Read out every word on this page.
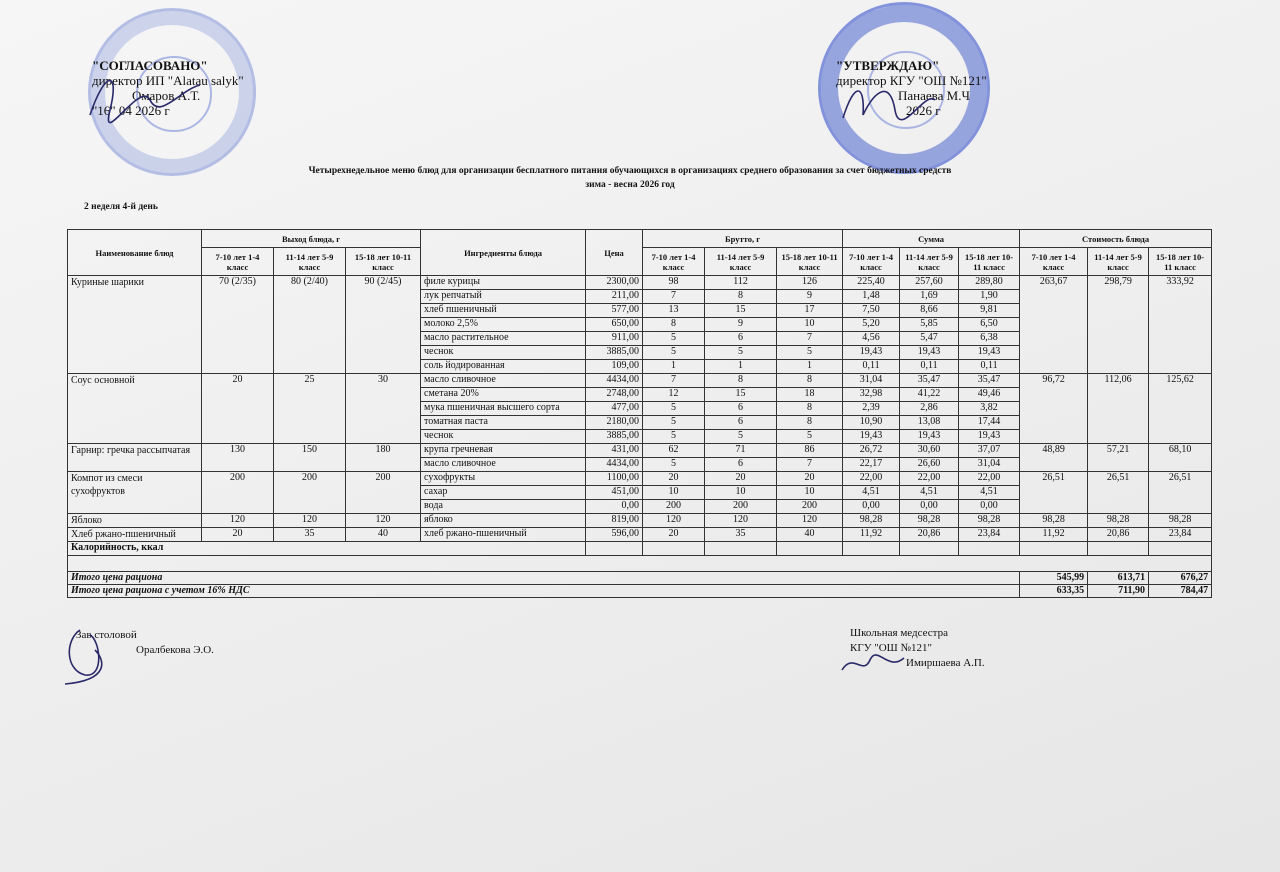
"СОГЛАСОВАНО"
директор ИП "Alatau salyk"
Омаров А.Т.
"16" 04 2026 г
"УТВЕРЖДАЮ"
директор КГУ "ОШ №121"
Панаева М.Ч
2026 г
Четырехнедельное меню блюд для организации бесплатного питания обучающихся в организациях среднего образования за счет бюджетных средств
зима - весна 2026 год
2 неделя 4-й день
Наименование блюд	Выход блюда, г			Ингредиенты блюда	Цена	Брутто, г			Сумма			Стоимость блюда		
	7-10 лет 1-4 класс	11-14 лет 5-9 класс	15-18 лет 10-11 класс			7-10 лет 1-4 класс	11-14 лет 5-9 класс	15-18 лет 10-11 класс	7-10 лет 1-4 класс	11-14 лет 5-9 класс	15-18 лет 10-11 класс	7-10 лет 1-4 класс	11-14 лет 5-9 класс	15-18 лет 10-11 класс
Куриные шарики	70 (2/35)	80 (2/40)	90 (2/45)	филе курицы	2300,00	98	112	126	225,40	257,60	289,80	263,67	298,79	333,92
				лук репчатый	211,00	7	8	9	1,48	1,69	1,90			
				хлеб пшеничный	577,00	13	15	17	7,50	8,66	9,81			
				молоко 2,5%	650,00	8	9	10	5,20	5,85	6,50			
				масло растительное	911,00	5	6	7	4,56	5,47	6,38			
				чеснок	3885,00	5	5	5	19,43	19,43	19,43			
				соль йодированная	109,00	1	1	1	0,11	0,11	0,11			
Соус основной	20	25	30	масло сливочное	4434,00	7	8	8	31,04	35,47	35,47	96,72	112,06	125,62
				сметана 20%	2748,00	12	15	18	32,98	41,22	49,46			
				мука пшеничная высшего сорта	477,00	5	6	8	2,39	2,86	3,82			
				томатная паста	2180,00	5	6	8	10,90	13,08	17,44			
				чеснок	3885,00	5	5	5	19,43	19,43	19,43			
Гарнир: гречка рассыпчатая	130	150	180	крупа гречневая	431,00	62	71	86	26,72	30,60	37,07	48,89	57,21	68,10
				масло сливочное	4434,00	5	6	7	22,17	26,60	31,04			
Компот из смеси сухофруктов	200	200	200	сухофрукты	1100,00	20	20	20	22,00	22,00	22,00	26,51	26,51	26,51
				сахар	451,00	10	10	10	4,51	4,51	4,51			
				вода	0,00	200	200	200	0,00	0,00	0,00			
Яблоко	120	120	120	яблоко	819,00	120	120	120	98,28	98,28	98,28	98,28	98,28	98,28
Хлеб ржано-пшеничный	20	35	40	хлеб ржано-пшеничный	596,00	20	35	40	11,92	20,86	23,84	11,92	20,86	23,84
Калорийность, ккал														

Итого цена рациона												545,99	613,71	676,27
Итого цена рациона с учетом 16% НДС												633,35	711,90	784,47
Зав.столовой
Оралбекова Э.О.
Школьная медсестра
КГУ "ОШ №121"
Имиршаева А.П.
